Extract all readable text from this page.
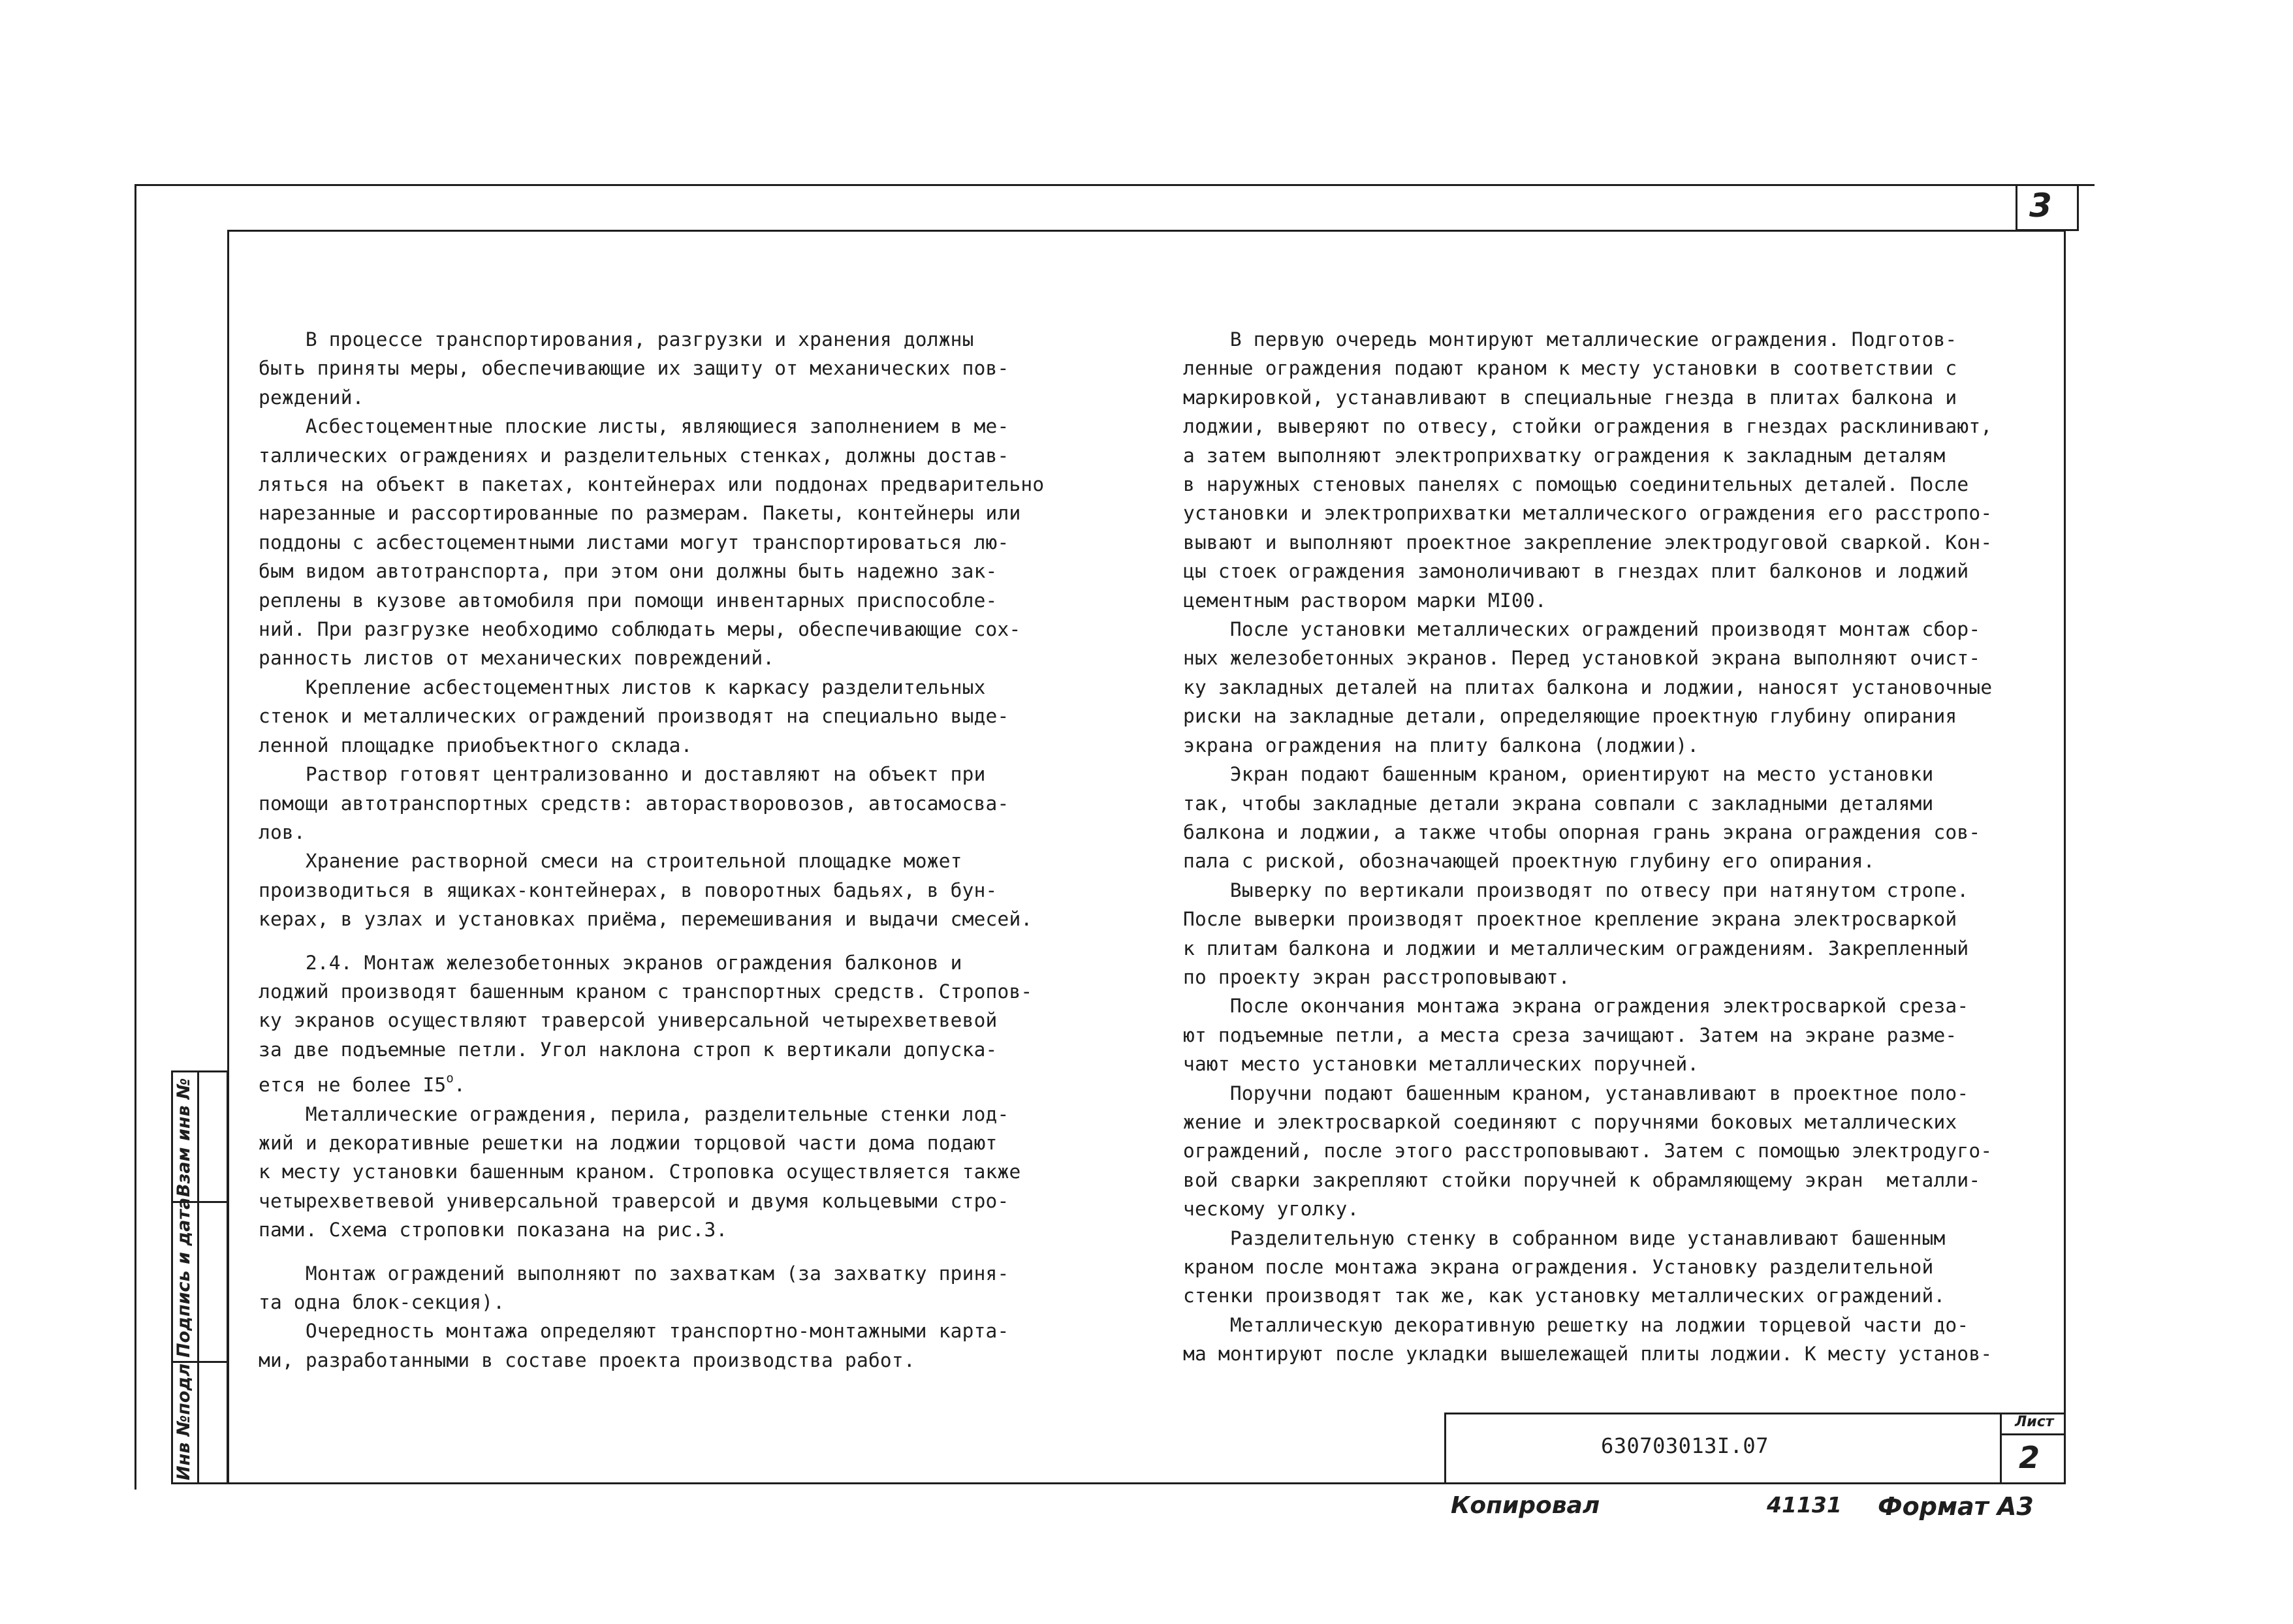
3
Инв №подл
Подпись и дата
Взам инв №
В процессе транспортирования, разгрузки и хранения должны
быть приняты меры, обеспечивающие их защиту от механических пов-
реждений.
Асбестоцементные плоские листы, являющиеся заполнением в ме-
таллических ограждениях и разделительных стенках, должны достав-
ляться на объект в пакетах, контейнерах или поддонах предварительно
нарезанные и рассортированные по размерам. Пакеты, контейнеры или
поддоны с асбестоцементными листами могут транспортироваться лю-
бым видом автотранспорта, при этом они должны быть надежно зак-
реплены в кузове автомобиля при помощи инвентарных приспособле-
ний. При разгрузке необходимо соблюдать меры, обеспечивающие сох-
ранность листов от механических повреждений.
Крепление асбестоцементных листов к каркасу разделительных
стенок и металлических ограждений производят на специально выде-
ленной площадке приобъектного склада.
Раствор готовят централизованно и доставляют на объект при
помощи автотранспортных средств: авторастворовозов, автосамосва-
лов.
Хранение растворной смеси на строительной площадке может
производиться в ящиках-контейнерах, в поворотных бадьях, в бун-
керах, в узлах и установках приёма, перемешивания и выдачи смесей.
2.4. Монтаж железобетонных экранов ограждения балконов и
лоджий производят башенным краном с транспортных средств. Стропов-
ку экранов осуществляют траверсой универсальной четырехветвевой
за две подъемные петли. Угол наклона строп к вертикали допуска-
ется не более I5$^o$.
Металлические ограждения, перила, разделительные стенки лод-
жий и декоративные решетки на лоджии торцовой части дома подают
к месту установки башенным краном. Строповка осуществляется также
четырехветвевой универсальной траверсой и двумя кольцевыми стро-
пами. Схема строповки показана на рис.3.
Монтаж ограждений выполняют по захваткам (за захватку приня-
та одна блок-секция).
Очередность монтажа определяют транспортно-монтажными карта-
ми, разработанными в составе проекта производства работ.
В первую очередь монтируют металлические ограждения. Подготов-
ленные ограждения подают краном к месту установки в соответствии с
маркировкой, устанавливают в специальные гнезда в плитах балкона и
лоджии, выверяют по отвесу, стойки ограждения в гнездах расклинивают,
а затем выполняют электроприхватку ограждения к закладным деталям
в наружных стеновых панелях с помощью соединительных деталей. После
установки и электроприхватки металлического ограждения его расстропо-
вывают и выполняют проектное закрепление электродуговой сваркой. Кон-
цы стоек ограждения замоноличивают в гнездах плит балконов и лоджий
цементным раствором марки МI00.
После установки металлических ограждений производят монтаж сбор-
ных железобетонных экранов. Перед установкой экрана выполняют очист-
ку закладных деталей на плитах балкона и лоджии, наносят установочные
риски на закладные детали, определяющие проектную глубину опирания
экрана ограждения на плиту балкона (лоджии).
Экран подают башенным краном, ориентируют на место установки
так, чтобы закладные детали экрана совпали с закладными деталями
балкона и лоджии, а также чтобы опорная грань экрана ограждения сов-
пала с риской, обозначающей проектную глубину его опирания.
Выверку по вертикали производят по отвесу при натянутом стропе.
После выверки производят проектное крепление экрана электросваркой
к плитам балкона и лоджии и металлическим ограждениям. Закрепленный
по проекту экран расстроповывают.
После окончания монтажа экрана ограждения электросваркой среза-
ют подъемные петли, а места среза зачищают. Затем на экране разме-
чают место установки металлических поручней.
Поручни подают башенным краном, устанавливают в проектное поло-
жение и электросваркой соединяют с поручнями боковых металлических
ограждений, после этого расстроповывают. Затем с помощью электродуго-
вой сварки закрепляют стойки поручней к обрамляющему экран  металли-
ческому уголку.
Разделительную стенку в собранном виде устанавливают башенным
краном после монтажа экрана ограждения. Установку разделительной
стенки производят так же, как установку металлических ограждений.
Металлическую декоративную решетку на лоджии торцевой части до-
ма монтируют после укладки вышележащей плиты лоджии. К месту установ-
630703013I.07
Лист
2
Копировал	41131 Формат А3
